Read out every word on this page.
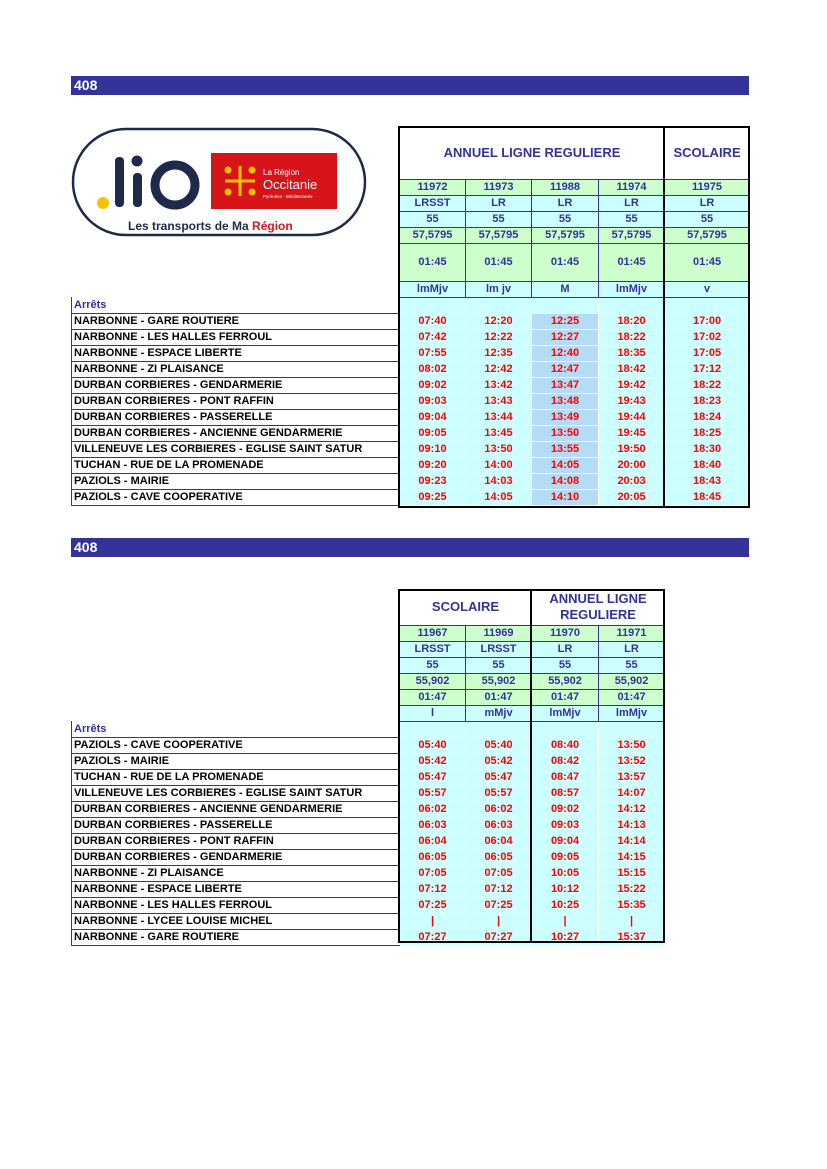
408
408
La Région
Occitanie
Pyrénées · Méditerranée
Les transports de Ma Région
	ANNUEL LIGNE REGULIERE				SCOLAIRE
	11972	11973	11988	11974	11975
	LRSST	LR	LR	LR	LR
	55	55	55	55	55
	57,5795	57,5795	57,5795	57,5795	57,5795
	01:45	01:45	01:45	01:45	01:45
	lmMjv	lm jv	M	lmMjv	v
Arrêts					
NARBONNE - GARE ROUTIERE	07:40	12:20	12:25	18:20	17:00
NARBONNE - LES HALLES FERROUL	07:42	12:22	12:27	18:22	17:02
NARBONNE - ESPACE LIBERTE	07:55	12:35	12:40	18:35	17:05
NARBONNE - ZI PLAISANCE	08:02	12:42	12:47	18:42	17:12
DURBAN CORBIERES - GENDARMERIE	09:02	13:42	13:47	19:42	18:22
DURBAN CORBIERES - PONT RAFFIN	09:03	13:43	13:48	19:43	18:23
DURBAN CORBIERES - PASSERELLE	09:04	13:44	13:49	19:44	18:24
DURBAN CORBIERES - ANCIENNE GENDARMERIE	09:05	13:45	13:50	19:45	18:25
VILLENEUVE LES CORBIERES - EGLISE SAINT SATUR	09:10	13:50	13:55	19:50	18:30
TUCHAN - RUE DE LA PROMENADE	09:20	14:00	14:05	20:00	18:40
PAZIOLS - MAIRIE	09:23	14:03	14:08	20:03	18:43
PAZIOLS - CAVE COOPERATIVE	09:25	14:05	14:10	20:05	18:45
	SCOLAIRE		ANNUEL LIGNE REGULIERE	
	11967	11969	11970	11971
	LRSST	LRSST	LR	LR
	55	55	55	55
	55,902	55,902	55,902	55,902
	01:47	01:47	01:47	01:47
	l	mMjv	lmMjv	lmMjv
Arrêts				
PAZIOLS - CAVE COOPERATIVE	05:40	05:40	08:40	13:50
PAZIOLS - MAIRIE	05:42	05:42	08:42	13:52
TUCHAN - RUE DE LA PROMENADE	05:47	05:47	08:47	13:57
VILLENEUVE LES CORBIERES - EGLISE SAINT SATUR	05:57	05:57	08:57	14:07
DURBAN CORBIERES - ANCIENNE GENDARMERIE	06:02	06:02	09:02	14:12
DURBAN CORBIERES - PASSERELLE	06:03	06:03	09:03	14:13
DURBAN CORBIERES - PONT RAFFIN	06:04	06:04	09:04	14:14
DURBAN CORBIERES - GENDARMERIE	06:05	06:05	09:05	14:15
NARBONNE - ZI PLAISANCE	07:05	07:05	10:05	15:15
NARBONNE - ESPACE LIBERTE	07:12	07:12	10:12	15:22
NARBONNE - LES HALLES FERROUL	07:25	07:25	10:25	15:35
NARBONNE - LYCEE LOUISE MICHEL	|	|	|	|
NARBONNE - GARE ROUTIERE	07:27	07:27	10:27	15:37
